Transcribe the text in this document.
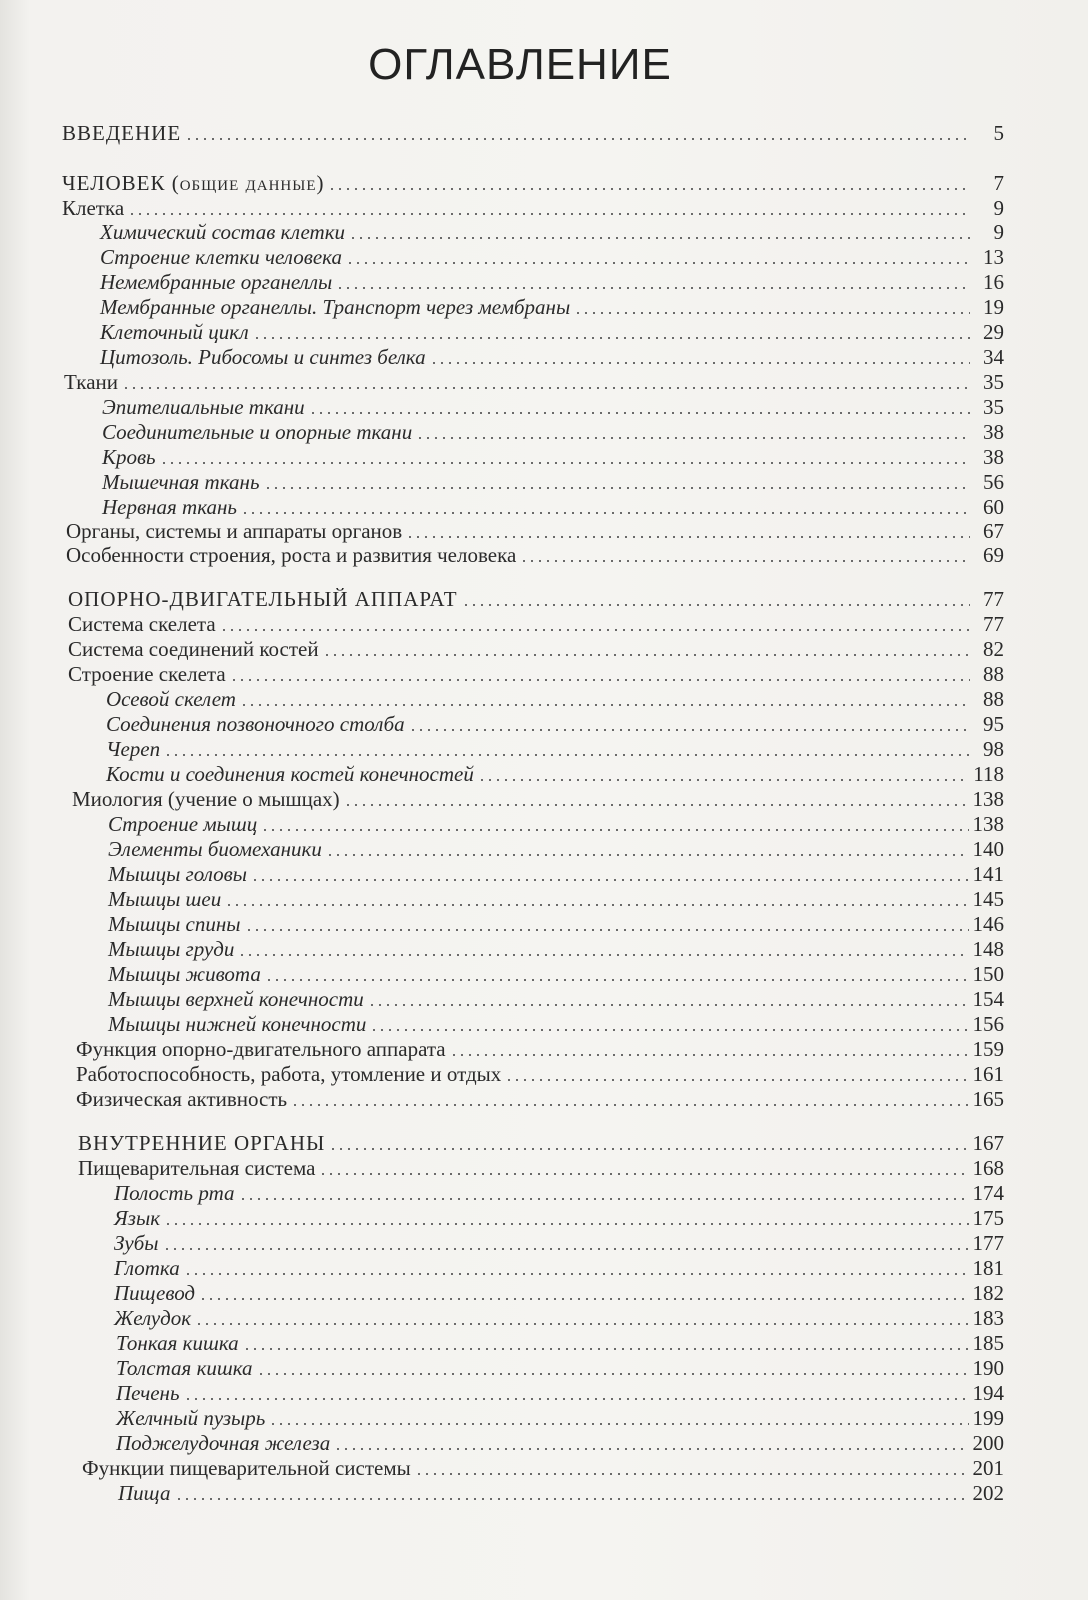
ОГЛАВЛЕНИЕ
ВВЕДЕНИЕ	5
ЧЕЛОВЕК (общие данные)	7
Клетка	9
Химический состав клетки	9
Строение клетки человека	13
Немембранные органеллы	16
Мембранные органеллы. Транспорт через мембраны	19
Клеточный цикл	29
Цитозоль. Рибосомы и синтез белка	34
Ткани	35
Эпителиальные ткани	35
Соединительные и опорные ткани	38
Кровь	38
Мышечная ткань	56
Нервная ткань	60
Органы, системы и аппараты органов	67
Особенности строения, роста и развития человека	69
ОПОРНО-ДВИГАТЕЛЬНЫЙ АППАРАТ	77
Система скелета	77
Система соединений костей	82
Строение скелета	88
Осевой скелет	88
Соединения позвоночного столба	95
Череп	98
Кости и соединения костей конечностей	118
Миология (учение о мышцах)	138
Строение мышц	138
Элементы биомеханики	140
Мышцы головы	141
Мышцы шеи	145
Мышцы спины	146
Мышцы груди	148
Мышцы живота	150
Мышцы верхней конечности	154
Мышцы нижней конечности	156
Функция опорно-двигательного аппарата	159
Работоспособность, работа, утомление и отдых	161
Физическая активность	165
ВНУТРЕННИЕ ОРГАНЫ	167
Пищеварительная система	168
Полость рта	174
Язык	175
Зубы	177
Глотка	181
Пищевод	182
Желудок	183
Тонкая кишка	185
Толстая кишка	190
Печень	194
Желчный пузырь	199
Поджелудочная железа	200
Функции пищеварительной системы	201
Пища	202
